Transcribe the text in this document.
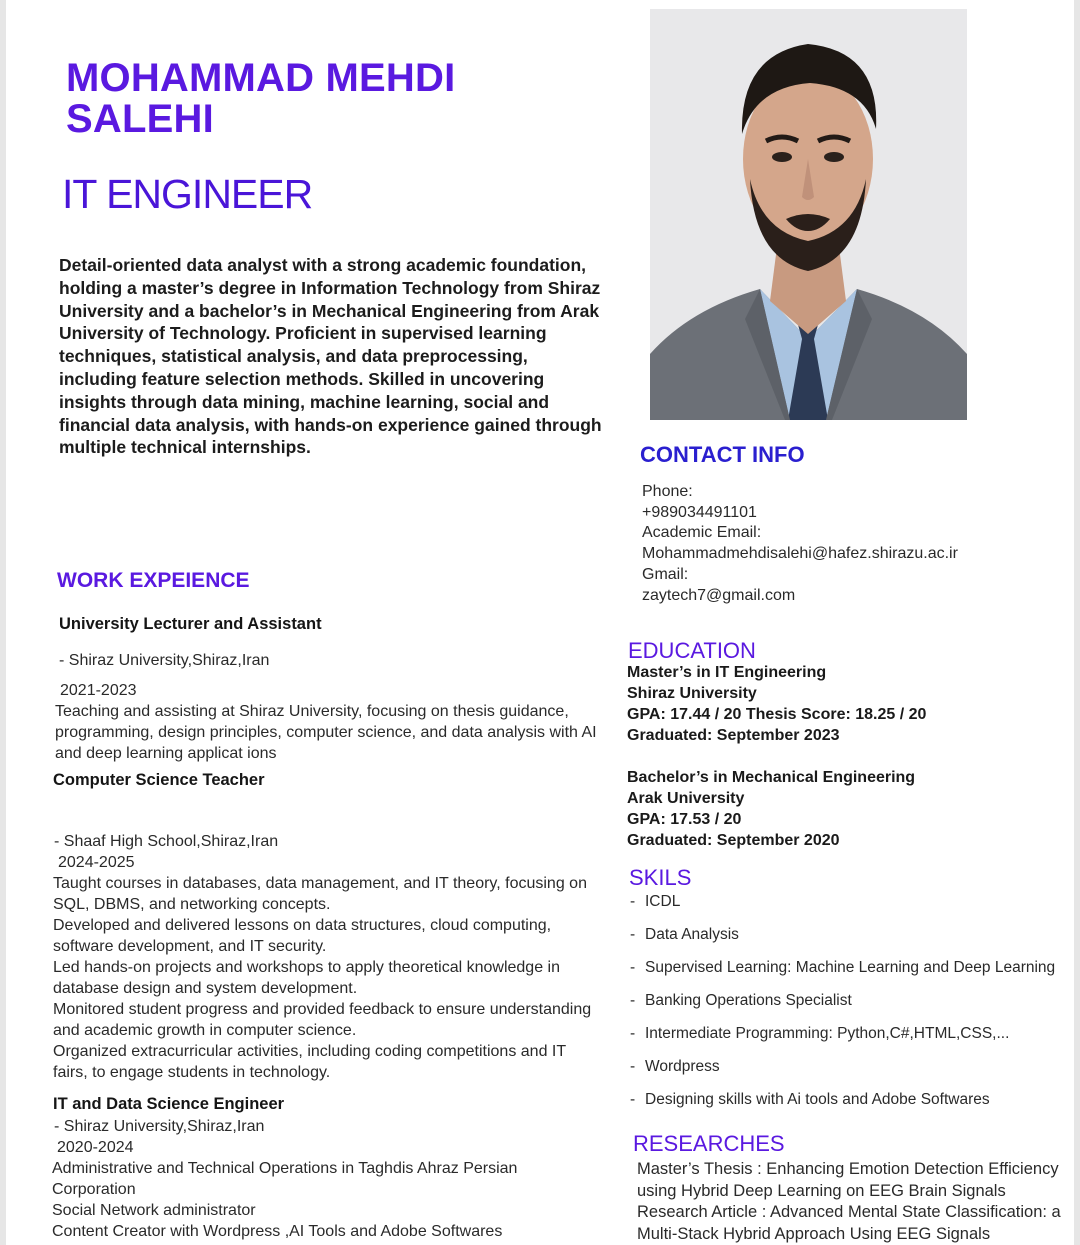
MOHAMMAD MEHDI SALEHI
IT ENGINEER
Detail-oriented data analyst with a strong academic foundation, holding a master’s degree in Information Technology from Shiraz University and a bachelor’s in Mechanical Engineering from Arak University of Technology. Proficient in supervised learning techniques, statistical analysis, and data preprocessing, including feature selection methods. Skilled in uncovering insights through data mining, machine learning, social and financial data analysis, with hands-on experience gained through multiple technical internships.	CONTACT INFO
Phone:
+989034491101
Academic Email:
Mohammadmehdisalehi@hafez.shirazu.ac.ir
Gmail:
zaytech7@gmail.com
WORK EXPEIENCE
University Lecturer and Assistant
- Shiraz University,Shiraz,Iran
2021-2023
Teaching and assisting at Shiraz University, focusing on thesis guidance, programming, design principles, computer science, and data analysis with AI and deep learning applicat ions
Computer Science Teacher
- Shaaf High School,Shiraz,Iran
2024-2025
Taught courses in databases, data management, and IT theory, focusing on SQL, DBMS, and networking concepts.
Developed and delivered lessons on data structures, cloud computing, software development, and IT security.
Led hands-on projects and workshops to apply theoretical knowledge in database design and system development.
Monitored student progress and provided feedback to ensure understanding and academic growth in computer science.
Organized extracurricular activities, including coding competitions and IT fairs, to engage students in technology.
IT and Data Science Engineer
- Shiraz University,Shiraz,Iran
2020-2024
Administrative and Technical Operations in Taghdis Ahraz Persian Corporation
Social Network administrator
Content Creator with Wordpress ,AI Tools and Adobe Softwares
EDUCATION
Master’s in IT Engineering
Shiraz University
GPA: 17.44 / 20 Thesis Score: 18.25 / 20
Graduated: September 2023
Bachelor’s in Mechanical Engineering
Arak University
GPA: 17.53 / 20
Graduated: September 2020
SKILS
- ICDL
- Data Analysis
- Supervised Learning: Machine Learning and Deep Learning
- Banking Operations Specialist
- Intermediate Programming: Python,C#,HTML,CSS,...
- Wordpress
- Designing skills with Ai tools and Adobe Softwares
RESEARCHES
Master’s Thesis : Enhancing Emotion Detection Efficiency using Hybrid Deep Learning on EEG Brain Signals
Research Article : Advanced Mental State Classification: a Multi-Stack Hybrid Approach Using EEG Signals
